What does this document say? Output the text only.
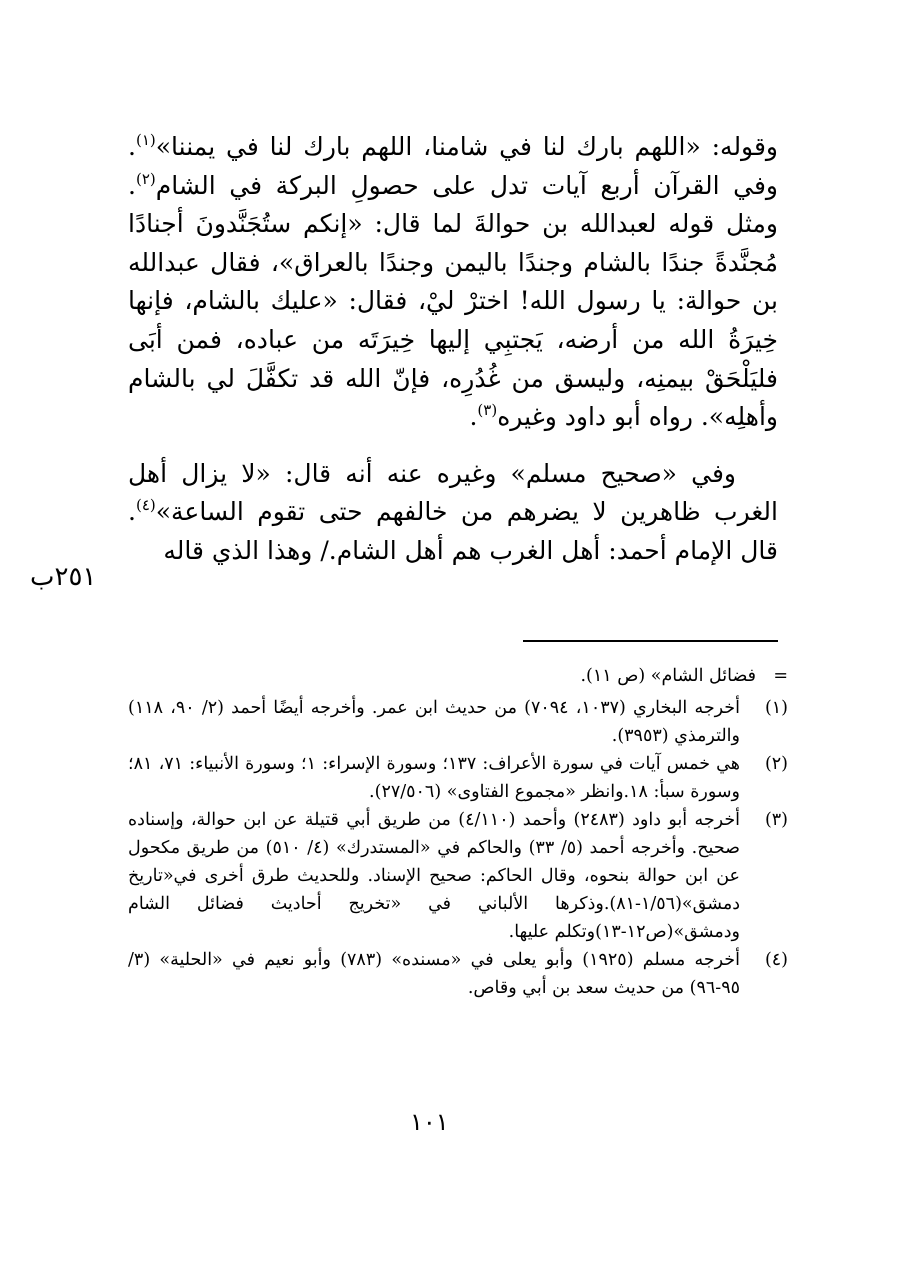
وقوله: «اللهم بارك لنا في شامنا، اللهم بارك لنا في يمننا»$^{(١)}$. وفي القرآن أربع آيات تدل على حصولِ البركة في الشام$^{(٢)}$. ومثل قوله لعبدالله بن حوالةَ لما قال: «إنكم ستُجَنَّدونَ أجنادًا مُجنَّدةً جندًا بالشام وجندًا باليمن وجندًا بالعراق»، فقال عبدالله بن حوالة: يا رسول الله! اخترْ ليْ، فقال: «عليك بالشام، فإنها خِيرَةُ الله من أرضه، يَجتبِي إليها خِيرَتَه من عباده، فمن أبَى فليَلْحَقْ بيمنِه، وليسق من غُدُرِه، فإنّ الله قد تكفَّلَ لي بالشام وأهلِه». رواه أبو داود وغيره$^{(٣)}$.

وفي «صحيح مسلم» وغيره عنه أنه قال: «لا يزال أهل الغرب ظاهرين لا يضرهم من خالفهم حتى تقوم الساعة»$^{(٤)}$. قال الإمام أحمد: أهل الغرب هم أهل الشام./ وهذا الذي قاله

٢٥١ب
=فضائل الشام» (ص ١١).

(١)
أخرجه البخاري (١٠٣٧، ٧٠٩٤) من حديث ابن عمر. وأخرجه أيضًا أحمد (٢/ ٩٠، ١١٨) والترمذي (٣٩٥٣).

(٢)
هي خمس آيات في سورة الأعراف: ١٣٧؛ وسورة الإسراء: ١؛ وسورة الأنبياء: ٧١، ٨١؛ وسورة سبأ: ١٨.وانظر «مجموع الفتاوى» (٢٧/٥٠٦).

(٣)
أخرجه أبو داود (٢٤٨٣) وأحمد (٤/١١٠) من طريق أبي قتيلة عن ابن حوالة، وإسناده صحيح. وأخرجه أحمد (٥/ ٣٣) والحاكم في «المستدرك» (٤/ ٥١٠) من طريق مكحول عن ابن حوالة بنحوه، وقال الحاكم: صحيح الإسناد. وللحديث طرق أخرى في«تاريخ دمشق»(١/٥٦-٨١).وذكرها الألباني في «تخريج أحاديث فضائل الشام ودمشق»(ص١٢-١٣)وتكلم عليها.

(٤)
أخرجه مسلم (١٩٢٥) وأبو يعلى في «مسنده» (٧٨٣) وأبو نعيم في «الحلية» (٣/ ٩٥-٩٦) من حديث سعد بن أبي وقاص.

١٠١
